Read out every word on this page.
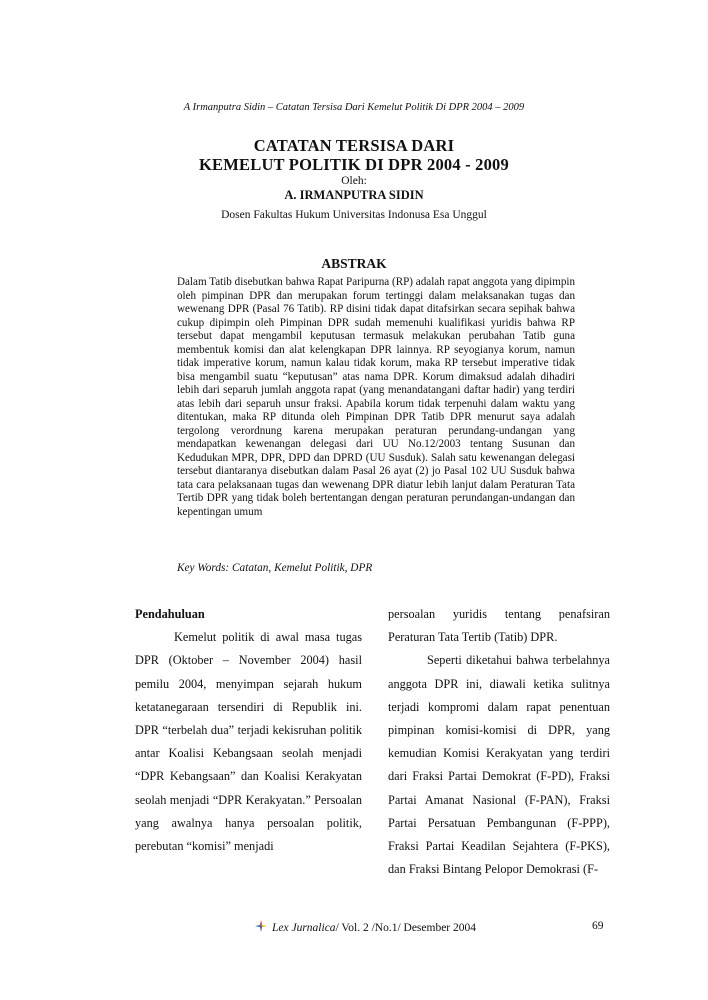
A Irmanputra Sidin – Catatan Tersisa Dari Kemelut Politik Di DPR 2004 – 2009
CATATAN TERSISA DARI
KEMELUT POLITIK DI DPR 2004 - 2009
Oleh:
A. IRMANPUTRA SIDIN
Dosen Fakultas Hukum Universitas Indonusa Esa Unggul
ABSTRAK
Dalam Tatib disebutkan bahwa Rapat Paripurna (RP) adalah rapat anggota yang dipimpin oleh pimpinan DPR dan merupakan forum tertinggi dalam melaksanakan tugas dan wewenang DPR (Pasal 76 Tatib). RP disini tidak dapat ditafsirkan secara sepihak bahwa cukup dipimpin oleh Pimpinan DPR sudah memenuhi kualifikasi yuridis bahwa RP tersebut dapat mengambil keputusan termasuk melakukan perubahan Tatib guna membentuk komisi dan alat kelengkapan DPR lainnya. RP seyogianya korum, namun tidak imperative korum, namun kalau tidak korum, maka RP tersebut imperative tidak bisa mengambil suatu “keputusan” atas nama DPR. Korum dimaksud adalah dihadiri lebih dari separuh jumlah anggota rapat (yang menandatangani daftar hadir) yang terdiri atas lebih dari separuh unsur fraksi. Apabila korum tidak terpenuhi dalam waktu yang ditentukan, maka RP ditunda oleh Pimpinan DPR Tatib DPR menurut saya adalah tergolong verordnung karena merupakan peraturan perundang-undangan yang mendapatkan kewenangan delegasi dari UU No.12/2003 tentang Susunan dan Kedudukan MPR, DPR, DPD dan DPRD (UU Susduk). Salah satu kewenangan delegasi tersebut diantaranya disebutkan dalam Pasal 26 ayat (2) jo Pasal 102 UU Susduk bahwa tata cara pelaksanaan tugas dan wewenang DPR diatur lebih lanjut dalam Peraturan Tata Tertib DPR yang tidak boleh bertentangan dengan peraturan perundangan-undangan dan kepentingan umum
Key Words: Catatan, Kemelut Politik, DPR
Pendahuluan

Kemelut politik di awal masa tugas DPR (Oktober – November 2004) hasil pemilu 2004, menyimpan sejarah hukum ketatanegaraan tersendiri di Republik ini. DPR “terbelah dua” terjadi kekisruhan politik antar Koalisi Kebangsaan seolah menjadi “DPR Kebangsaan” dan Koalisi Kerakyatan seolah menjadi “DPR Kerakyatan.” Persoalan yang awalnya hanya persoalan politik, perebutan “komisi” menjadi

persoalan yuridis tentang penafsiran Peraturan Tata Tertib (Tatib) DPR.

Seperti diketahui bahwa terbelahnya anggota DPR ini, diawali ketika sulitnya terjadi kompromi dalam rapat penentuan pimpinan komisi-komisi di DPR, yang kemudian Komisi Kerakyatan yang terdiri dari Fraksi Partai Demokrat (F-PD), Fraksi Partai Amanat Nasional (F-PAN), Fraksi Partai Persatuan Pembangunan (F-PPP), Fraksi Partai Keadilan Sejahtera (F-PKS), dan Fraksi Bintang Pelopor Demokrasi (F-

Lex Jurnalica/ Vol. 2 /No.1/ Desember 2004	69
